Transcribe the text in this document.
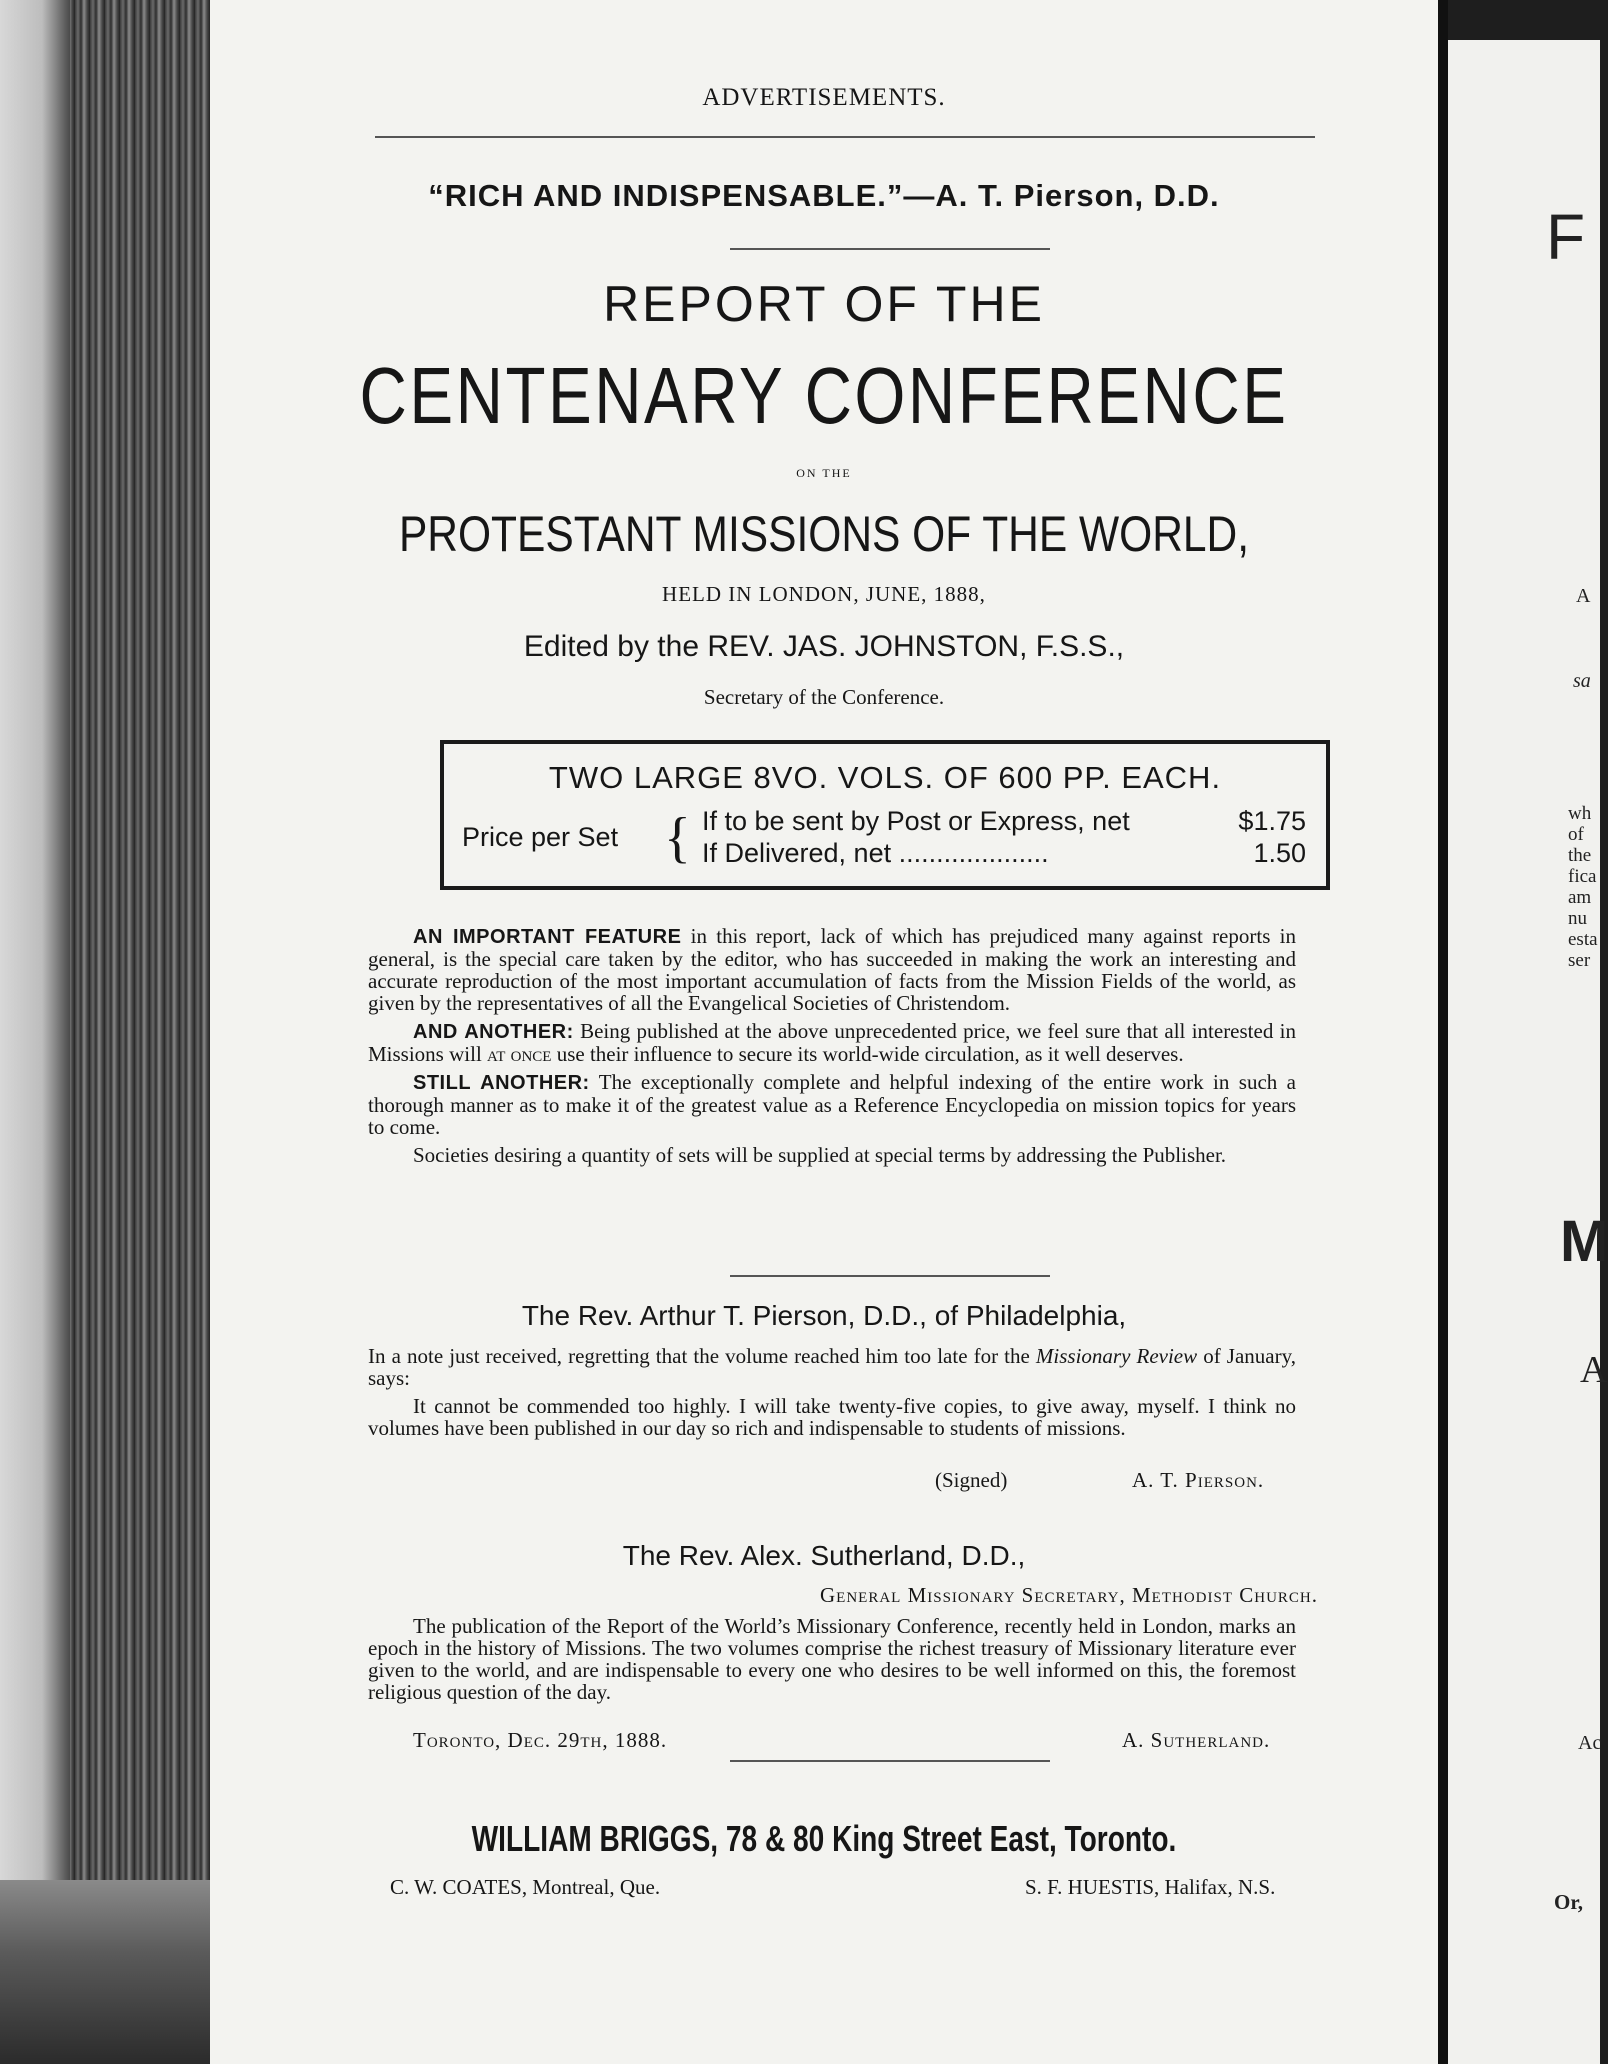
ADVERTISEMENTS.
“RICH AND INDISPENSABLE.”—A. T. Pierson, D.D.
REPORT OF THE
CENTENARY CONFERENCE
ON THE
PROTESTANT MISSIONS OF THE WORLD,
HELD IN LONDON, JUNE, 1888,
Edited by the REV. JAS. JOHNSTON, F.S.S.,
Secretary of the Conference.
TWO LARGE 8VO. VOLS. OF 600 PP. EACH.
Price per Set { If to be sent by Post or Express, net	$1.75
If Delivered, net ....................	1.50

AN IMPORTANT FEATURE in this report, lack of which has prejudiced many against reports in general, is the special care taken by the editor, who has succeeded in making the work an interesting and accurate reproduction of the most important accumulation of facts from the Mission Fields of the world, as given by the representatives of all the Evangelical Societies of Christendom.

AND ANOTHER: Being published at the above unprecedented price, we feel sure that all interested in Missions will at once use their influence to secure its world-wide circulation, as it well deserves.

STILL ANOTHER: The exceptionally complete and helpful indexing of the entire work in such a thorough manner as to make it of the greatest value as a Reference Encyclopedia on mission topics for years to come.

Societies desiring a quantity of sets will be supplied at special terms by addressing the Publisher.

The Rev. Arthur T. Pierson, D.D., of Philadelphia,

In a note just received, regretting that the volume reached him too late for the Missionary Review of January, says:

It cannot be commended too highly. I will take twenty-five copies, to give away, myself. I think no volumes have been published in our day so rich and indispensable to students of missions.

(Signed)	A. T. Pierson.
The Rev. Alex. Sutherland, D.D.,
General Missionary Secretary, Methodist Church.

The publication of the Report of the World’s Missionary Conference, recently held in London, marks an epoch in the history of Missions. The two volumes comprise the richest treasury of Missionary literature ever given to the world, and are indispensable to every one who desires to be well informed on this, the foremost religious question of the day.

Toronto, Dec. 29th, 1888.	A. Sutherland.
WILLIAM BRIGGS, 78 & 80 King Street East, Toronto.
C. W. COATES, Montreal, Que.	S. F. HUESTIS, Halifax, N.S.
F
A
sa
wh
of
the
fica
am
nu
esta
ser
M
A
Ac
Or,
